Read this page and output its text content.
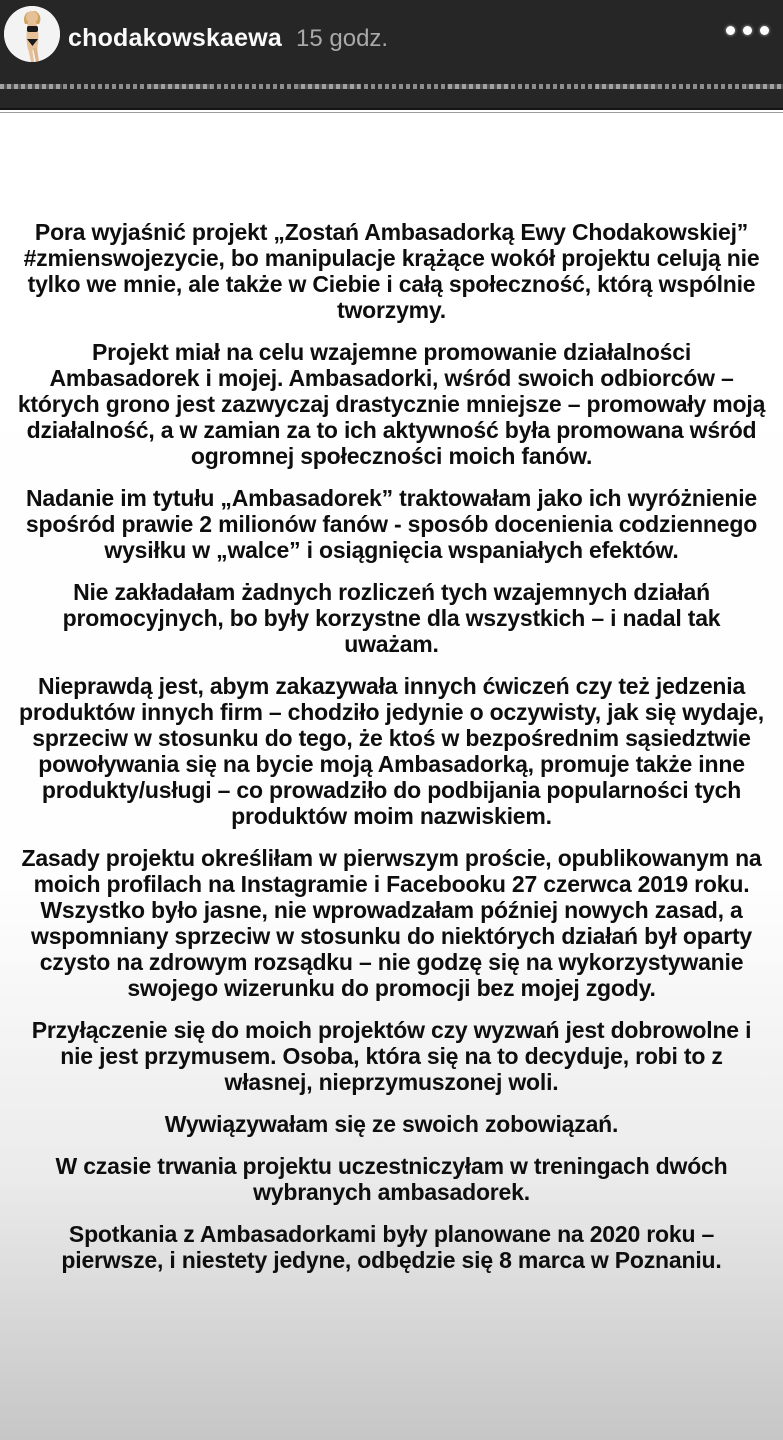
chodakowskaewa 15 godz.

Pora wyjaśnić projekt „Zostań Ambasadorką Ewy Chodakowskiej” #zmienswojezycie, bo manipulacje krążące wokół projektu celują nie tylko we mnie, ale także w Ciebie i całą społeczność, którą wspólnie tworzymy.

Projekt miał na celu wzajemne promowanie działalności Ambasadorek i mojej. Ambasadorki, wśród swoich odbiorców – których grono jest zazwyczaj drastycznie mniejsze – promowały moją działalność, a w zamian za to ich aktywność była promowana wśród ogromnej społeczności moich fanów.

Nadanie im tytułu „Ambasadorek” traktowałam jako ich wyróżnienie spośród prawie 2 milionów fanów - sposób docenienia codziennego wysiłku w „walce” i osiągnięcia wspaniałych efektów.

Nie zakładałam żadnych rozliczeń tych wzajemnych działań promocyjnych, bo były korzystne dla wszystkich – i nadal tak uważam.

Nieprawdą jest, abym zakazywała innych ćwiczeń czy też jedzenia produktów innych firm – chodziło jedynie o oczywisty, jak się wydaje, sprzeciw w stosunku do tego, że ktoś w bezpośrednim sąsiedztwie powoływania się na bycie moją Ambasadorką, promuje także inne produkty/usługi – co prowadziło do podbijania popularności tych produktów moim nazwiskiem.

Zasady projektu określiłam w pierwszym proście, opublikowanym na moich profilach na Instagramie i Facebooku 27 czerwca 2019 roku. Wszystko było jasne, nie wprowadzałam później nowych zasad, a wspomniany sprzeciw w stosunku do niektórych działań był oparty czysto na zdrowym rozsądku – nie godzę się na wykorzystywanie swojego wizerunku do promocji bez mojej zgody.

Przyłączenie się do moich projektów czy wyzwań jest dobrowolne i nie jest przymusem. Osoba, która się na to decyduje, robi to z własnej, nieprzymuszonej woli.

Wywiązywałam się ze swoich zobowiązań.

W czasie trwania projektu uczestniczyłam w treningach dwóch wybranych ambasadorek.

Spotkania z Ambasadorkami były planowane na 2020 roku – pierwsze, i niestety jedyne, odbędzie się 8 marca w Poznaniu.
